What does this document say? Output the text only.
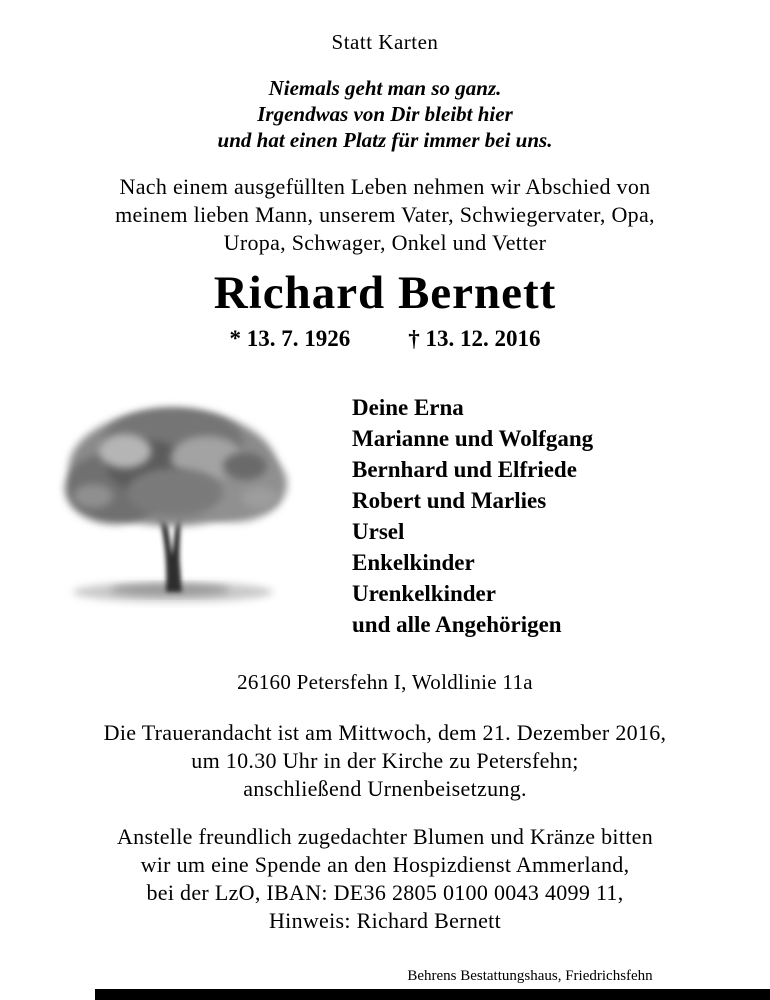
Statt Karten
Niemals geht man so ganz.
Irgendwas von Dir bleibt hier
und hat einen Platz für immer bei uns.
Nach einem ausgefüllten Leben nehmen wir Abschied von
meinem lieben Mann, unserem Vater, Schwiegervater, Opa,
Uropa, Schwager, Onkel und Vetter
Richard Bernett
* 13. 7. 1926	† 13. 12. 2016
Deine Erna
Marianne und Wolfgang
Bernhard und Elfriede
Robert und Marlies
Ursel
Enkelkinder
Urenkelkinder
und alle Angehörigen
26160 Petersfehn I, Woldlinie 11a
Die Trauerandacht ist am Mittwoch, dem 21. Dezember 2016,
um 10.30 Uhr in der Kirche zu Petersfehn;
anschließend Urnenbeisetzung.
Anstelle freundlich zugedachter Blumen und Kränze bitten
wir um eine Spende an den Hospizdienst Ammerland,
bei der LzO, IBAN: DE36 2805 0100 0043 4099 11,
Hinweis: Richard Bernett
Behrens Bestattungshaus, Friedrichsfehn
